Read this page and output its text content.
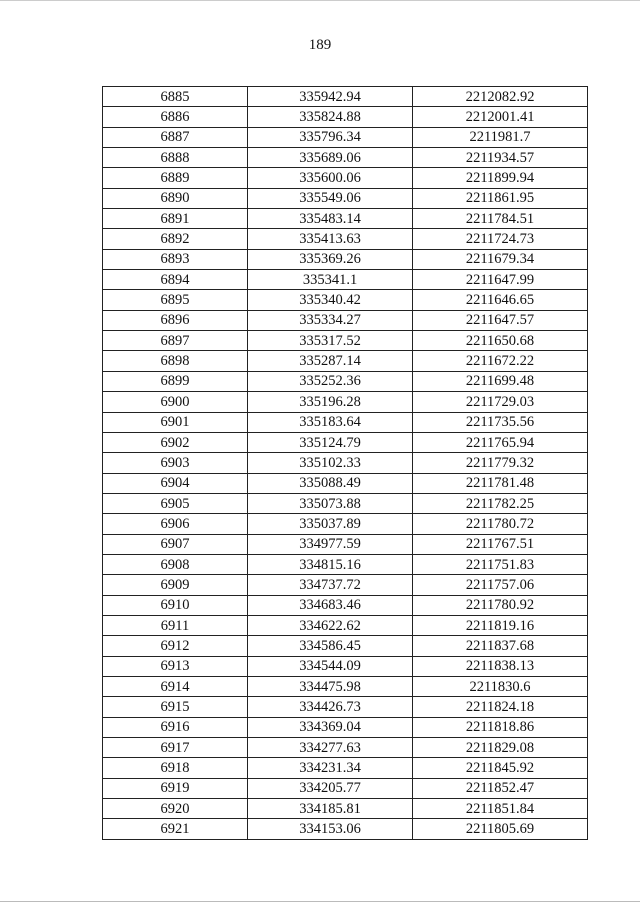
189
6885	335942.94	2212082.92
6886	335824.88	2212001.41
6887	335796.34	2211981.7
6888	335689.06	2211934.57
6889	335600.06	2211899.94
6890	335549.06	2211861.95
6891	335483.14	2211784.51
6892	335413.63	2211724.73
6893	335369.26	2211679.34
6894	335341.1	2211647.99
6895	335340.42	2211646.65
6896	335334.27	2211647.57
6897	335317.52	2211650.68
6898	335287.14	2211672.22
6899	335252.36	2211699.48
6900	335196.28	2211729.03
6901	335183.64	2211735.56
6902	335124.79	2211765.94
6903	335102.33	2211779.32
6904	335088.49	2211781.48
6905	335073.88	2211782.25
6906	335037.89	2211780.72
6907	334977.59	2211767.51
6908	334815.16	2211751.83
6909	334737.72	2211757.06
6910	334683.46	2211780.92
6911	334622.62	2211819.16
6912	334586.45	2211837.68
6913	334544.09	2211838.13
6914	334475.98	2211830.6
6915	334426.73	2211824.18
6916	334369.04	2211818.86
6917	334277.63	2211829.08
6918	334231.34	2211845.92
6919	334205.77	2211852.47
6920	334185.81	2211851.84
6921	334153.06	2211805.69
